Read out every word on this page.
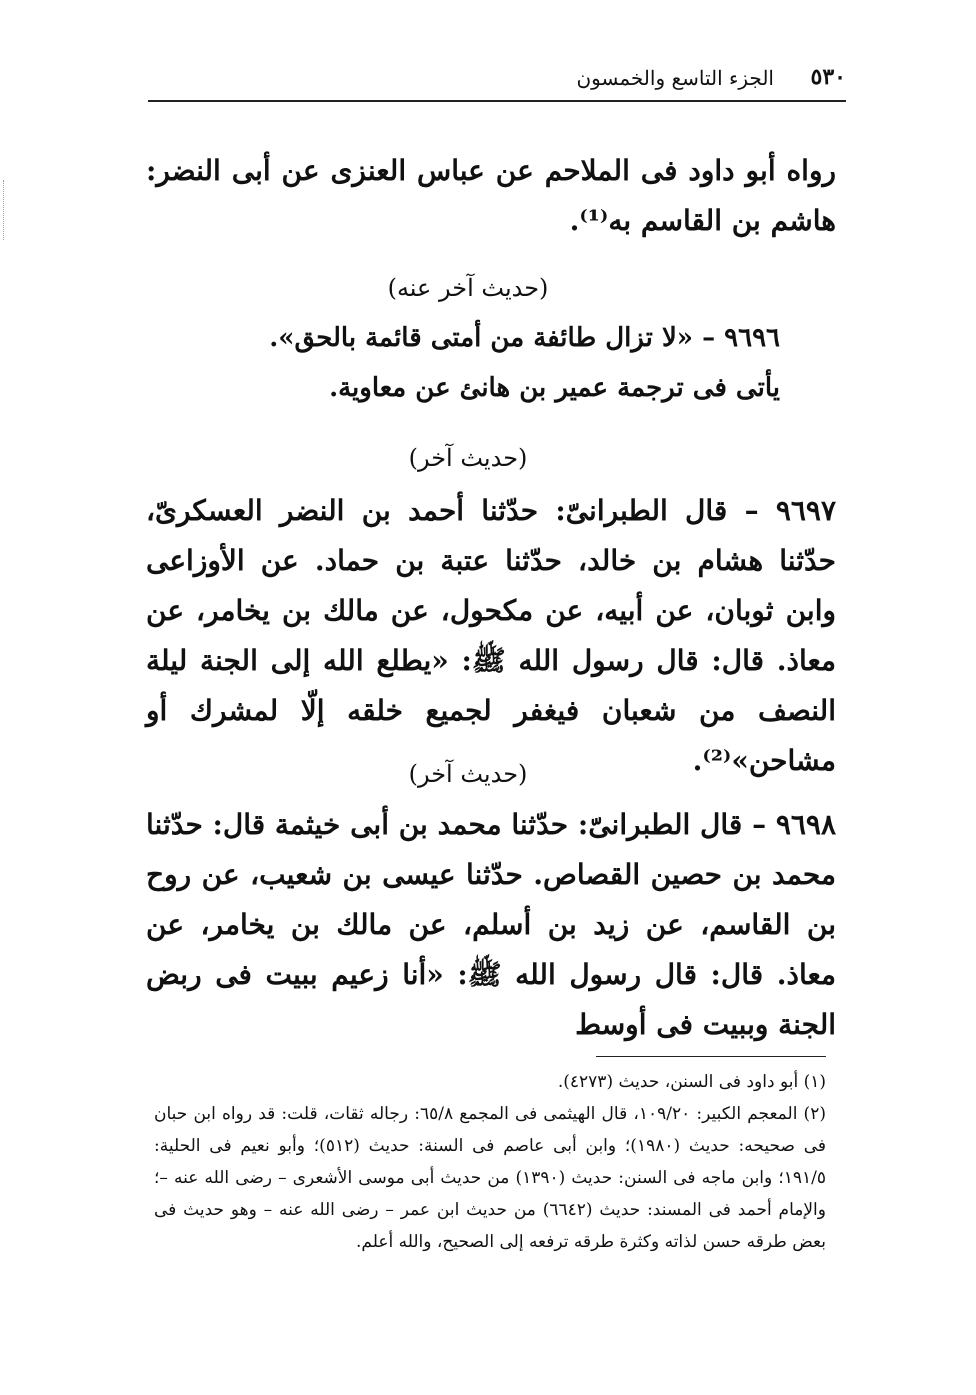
٥٣٠
الجزء التاسع والخمسون

رواه أبو داود فى الملاحم عن عباس العنزى عن أبى النضر: هاشم بن القاسم به⁽¹⁾.

(حديث آخر عنه)
٩٦٩٦ – «لا تزال طائفة من أمتى قائمة بالحق».
يأتى فى ترجمة عمير بن هانئ عن معاوية.
(حديث آخر)

٩٦٩٧ – قال الطبرانىّ: حدّثنا أحمد بن النضر العسكرىّ، حدّثنا هشام بن خالد، حدّثنا عتبة بن حماد. عن الأوزاعى وابن ثوبان، عن أبيه، عن مكحول، عن مالك بن يخامر، عن معاذ. قال: قال رسول الله ﷺ: «يطلع الله إلى الجنة ليلة النصف من شعبان فيغفر لجميع خلقه إلّا لمشرك أو مشاحن»⁽²⁾.

(حديث آخر)

٩٦٩٨ – قال الطبرانىّ: حدّثنا محمد بن أبى خيثمة قال: حدّثنا محمد بن حصين القصاص. حدّثنا عيسى بن شعيب، عن روح بن القاسم، عن زيد بن أسلم، عن مالك بن يخامر، عن معاذ. قال: قال رسول الله ﷺ: «أنا زعيم ببيت فى ربض الجنة وببيت فى أوسط

(١) أبو داود فى السنن، حديث (٤٢٧٣).
(٢) المعجم الكبير: ١٠٩/٢٠، قال الهيثمى فى المجمع ٦٥/٨: رجاله ثقات، قلت: قد رواه ابن حبان فى صحيحه: حديث (١٩٨٠)؛ وابن أبى عاصم فى السنة: حديث (٥١٢)؛ وأبو نعيم فى الحلية: ١٩١/٥؛ وابن ماجه فى السنن: حديث (١٣٩٠) من حديث أبى موسى الأشعرى – رضى الله عنه –؛ والإمام أحمد فى المسند: حديث (٦٦٤٢) من حديث ابن عمر – رضى الله عنه – وهو حديث فى بعض طرقه حسن لذاته وكثرة طرقه ترفعه إلى الصحيح، والله أعلم.
